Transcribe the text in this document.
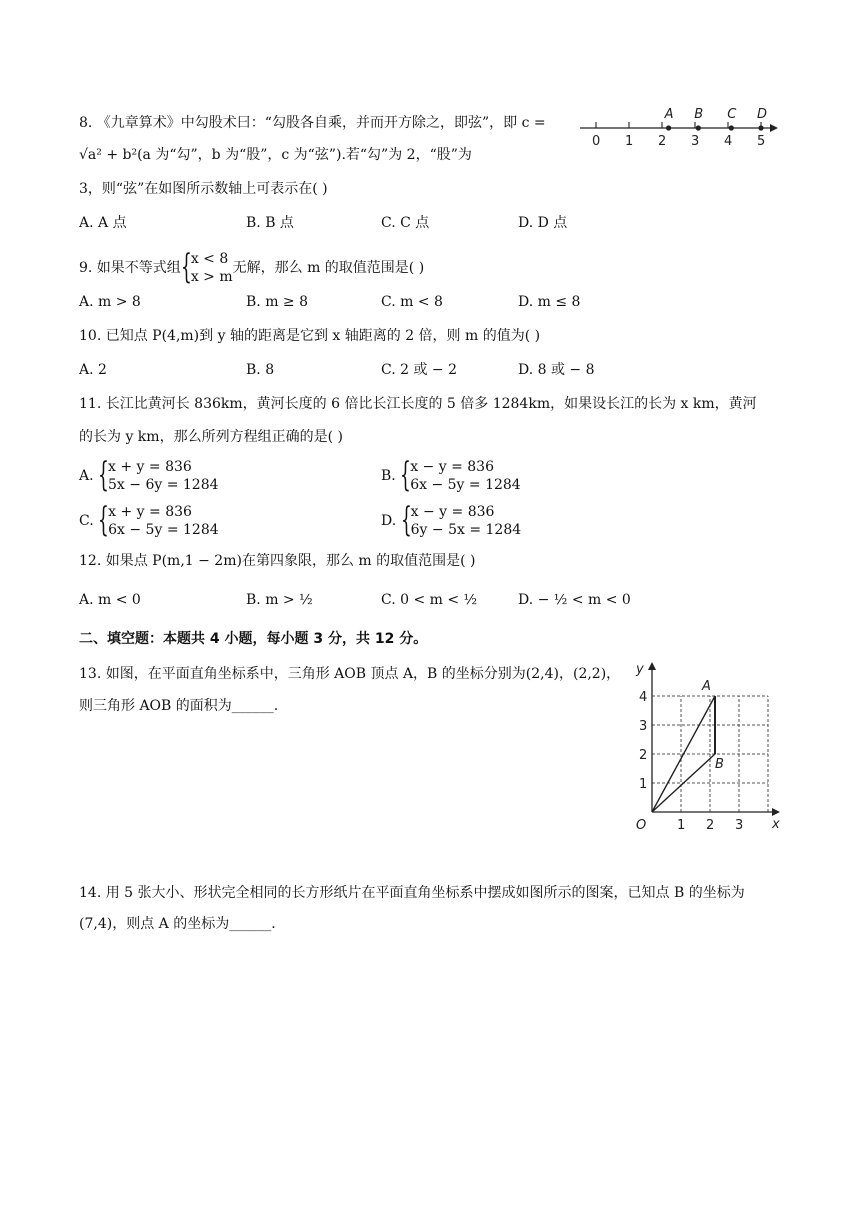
8. 《九章算术》中勾股术曰：“勾股各自乘，并而开方除之，即弦”，即 c =
√a² + b²(a 为“勾”，b 为“股”，c 为“弦”).若“勾”为 2，“股”为
3，则“弦”在如图所示数轴上可表示在( )
0 1 2 3 4 5
A B C D
A. A 点	B. B 点	C. C 点	D. D 点
9. 如果不等式组 { x < 8
x > m
无解，那么 m 的取值范围是( )
A. m > 8	B. m ≥ 8	C. m < 8	D. m ≤ 8
10. 已知点 P(4,m)到 y 轴的距离是它到 x 轴距离的 2 倍，则 m 的值为( )
A. 2	B. 8	C. 2 或 − 2	D. 8 或 − 8
11. 长江比黄河长 836km，黄河长度的 6 倍比长江长度的 5 倍多 1284km，如果设长江的长为 x km，黄河
的长为 y km，那么所列方程组正确的是( )
A. { x + y = 836
5x − 6y = 1284
B. { x − y = 836
6x − 5y = 1284
C. { x + y = 836
6x − 5y = 1284
D. { x − y = 836
6y − 5x = 1284
12. 如果点 P(m,1 − 2m)在第四象限，那么 m 的取值范围是( )
A. m < 0	B. m > ½	C. 0 < m < ½	D. − ½ < m < 0
二、填空题：本题共 4 小题，每小题 3 分，共 12 分。
13. 如图，在平面直角坐标系中，三角形 AOB 顶点 A，B 的坐标分别为(2,4)，(2,2)，
则三角形 AOB 的面积为______.
1 2 3
1
2
3
4
O	x
y
A
B
14. 用 5 张大小、形状完全相同的长方形纸片在平面直角坐标系中摆成如图所示的图案，已知点 B 的坐标为
(7,4)，则点 A 的坐标为______.
